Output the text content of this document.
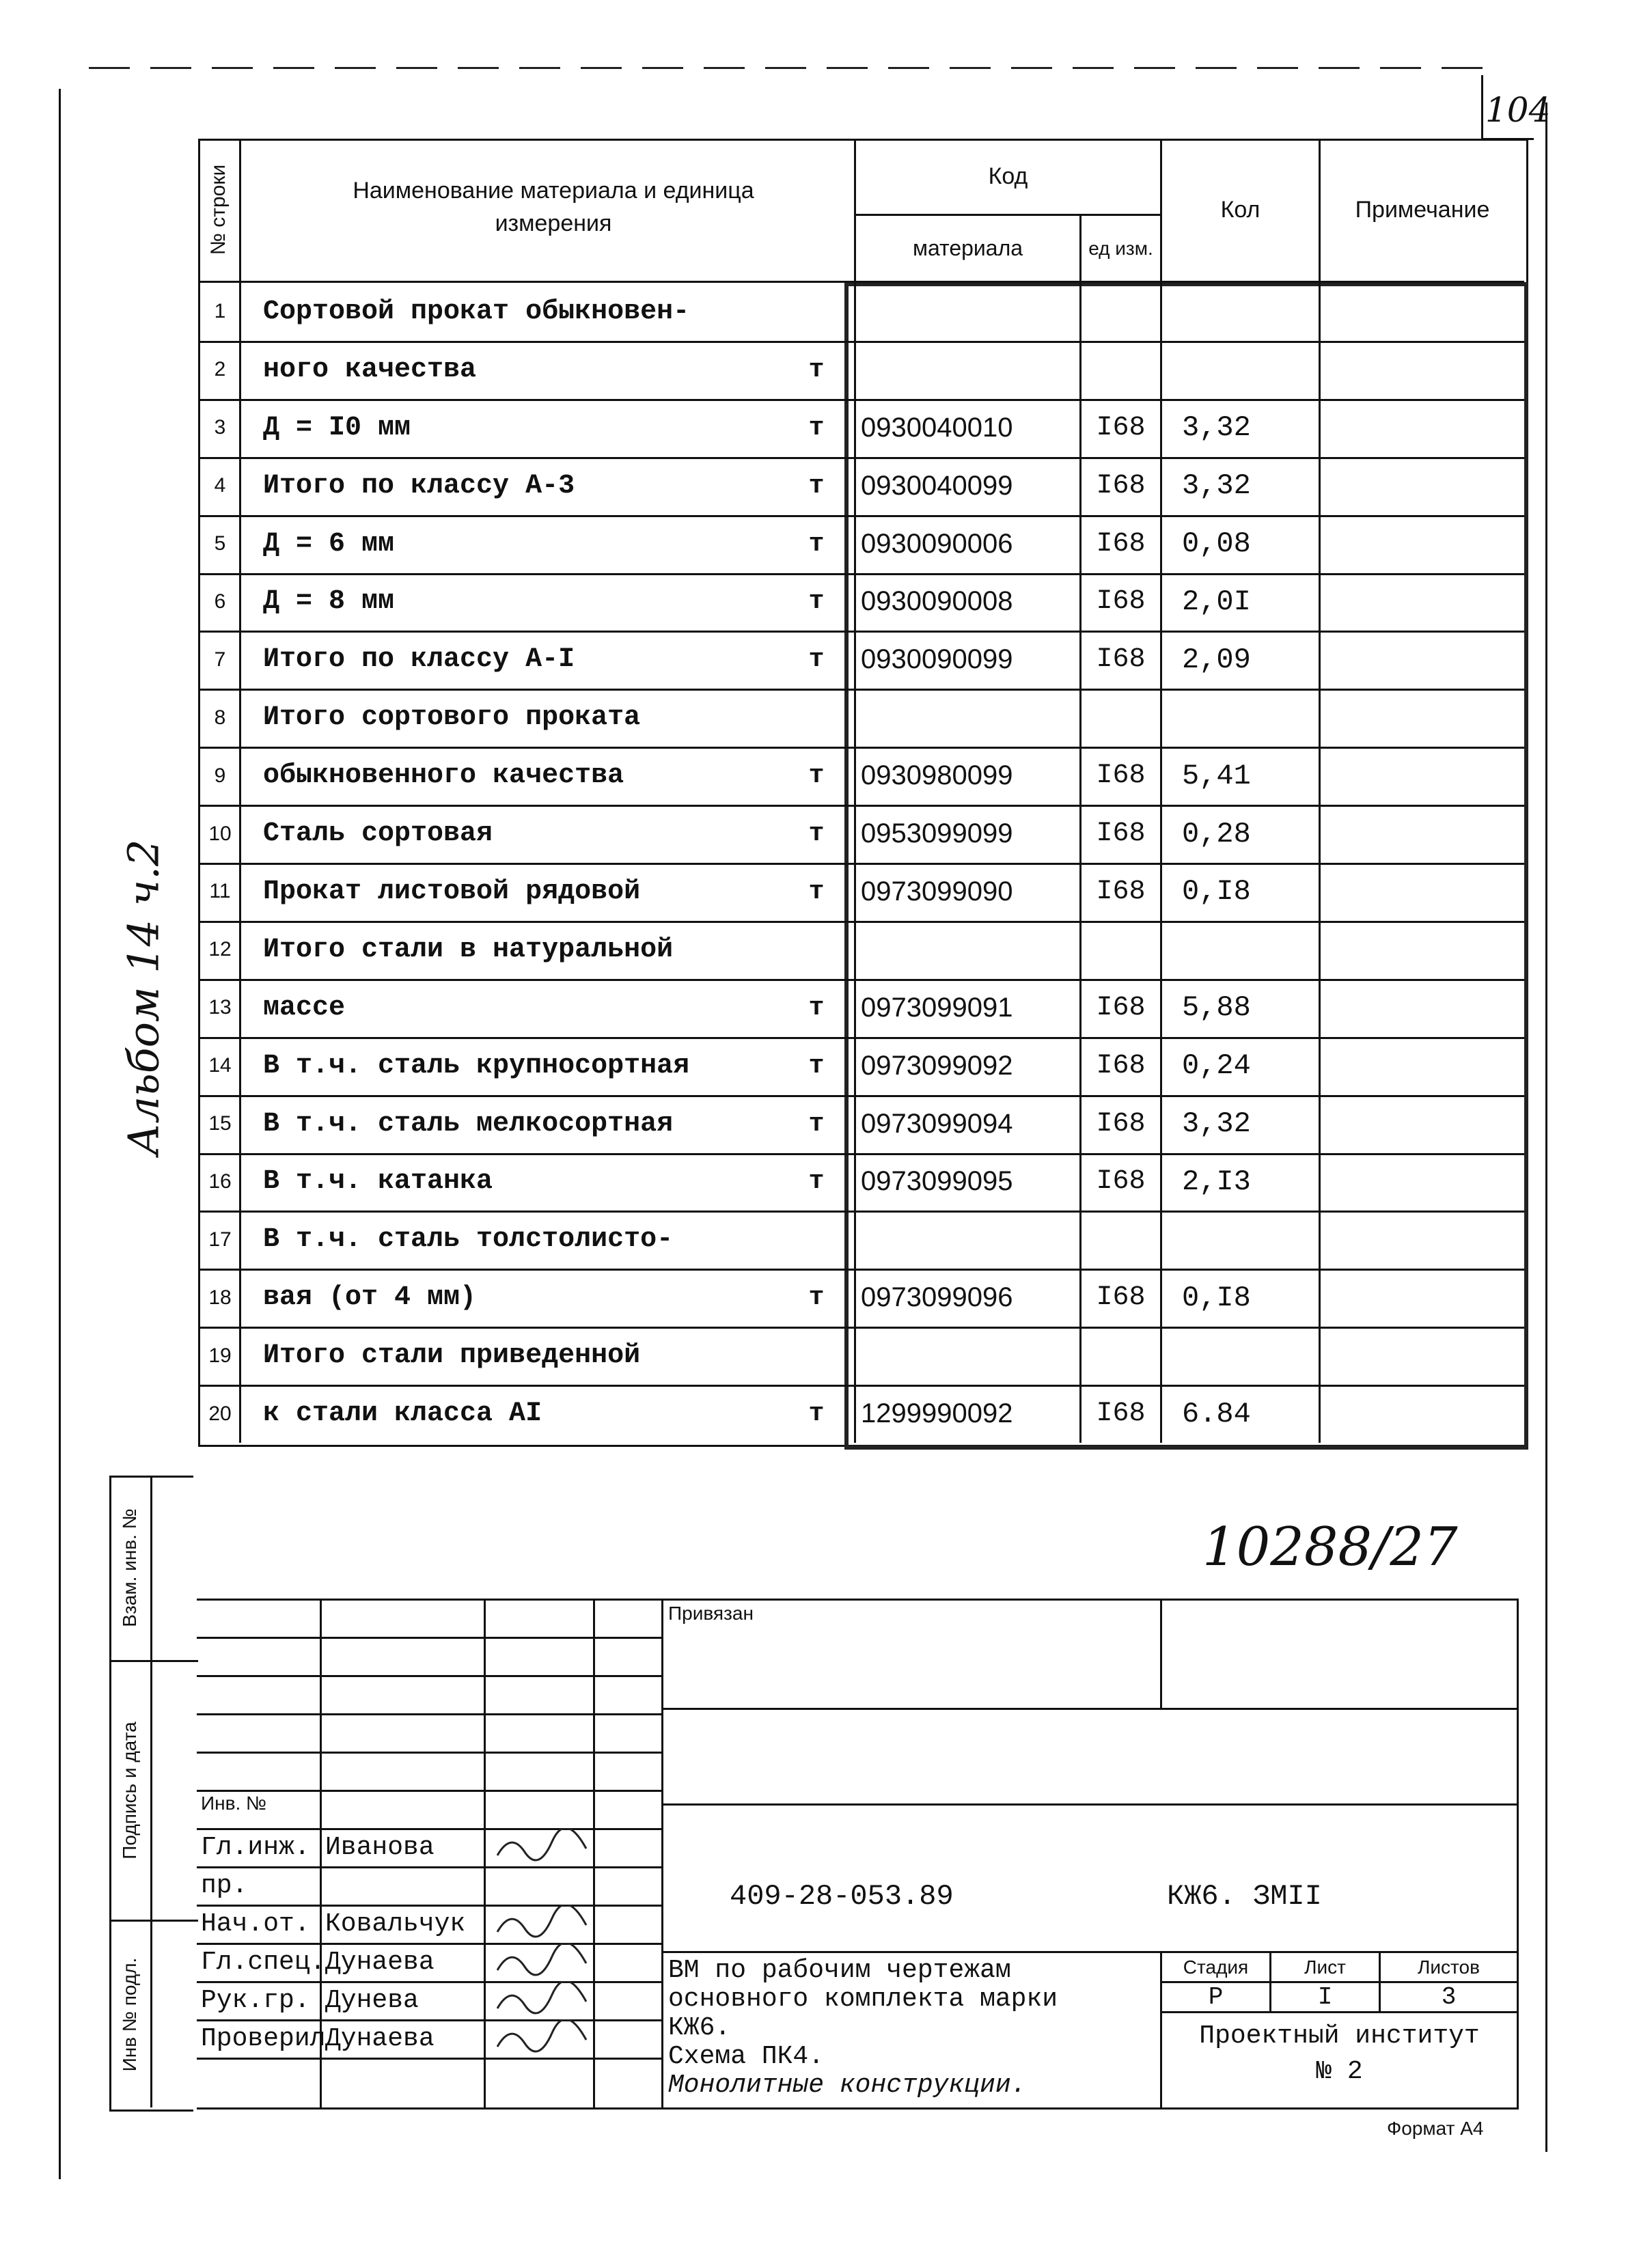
104
№ строки	Наименование материала и единица измерения
Код
материала	ед изм.
Кол	Примечание
1	Сортовой прокат обыкновен-
2	ного качества	т
3	Д = I0 мм	т	0930040010	I68	3,32
4	Итого по классу А-3	т	0930040099	I68	3,32
5	Д = 6 мм	т	0930090006	I68	0,08
6	Д = 8 мм	т	0930090008	I68	2,0I
7	Итого по классу А-I	т	0930090099	I68	2,09
8	Итого сортового проката
9	обыкновенного качества	т	0930980099	I68	5,41
10 Сталь сортовая	т	0953099099	I68	0,28
11	Прокат листовой рядовой	т	0973099090	I68	0,I8
12 Итого стали в натуральной
13 массе	т	0973099091	I68	5,88
14 В т.ч. сталь крупносортная	т	0973099092	I68	0,24
15 В т.ч. сталь мелкосортная	т	0973099094	I68	3,32
16 В т.ч. катанка	т	0973099095	I68	2,I3
17 В т.ч. сталь толстолисто-
18 вая (от 4 мм)	т	0973099096	I68	0,I8
19 Итого стали приведенной
20 к стали класса АI	т	1299990092	I68	6.84
Альбом 14 ч.2
10288/27
Взам. инв. №
Подпись и дата
Инв № подл.
Привязан
Инв. №
Гл.инж. Иванова
пр.
Нач.от. Ковальчук
Гл.спец. Дунаева
Рук.гр. Дунева
Проверил Дунаева
409-28-053.89	КЖ6. ЗМII
ВМ по рабочим чертежам
основного комплекта марки
КЖ6.
Схема ПК4.
Монолитные конструкции.
Стадия	Лист	Листов
Р	I	3
Проектный институт
№ 2
Формат А4
